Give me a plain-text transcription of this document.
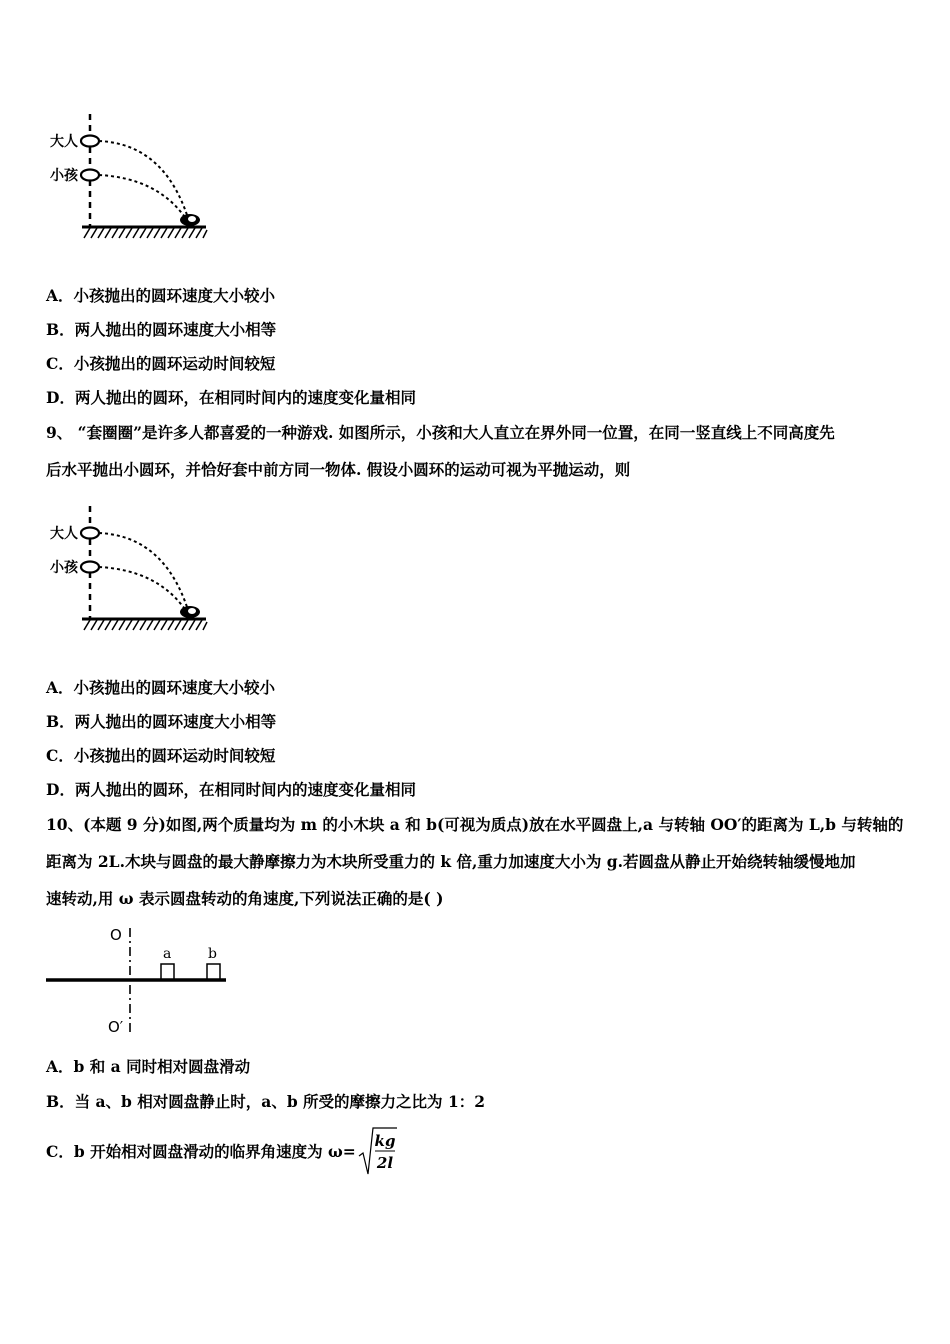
大人
小孩
A．小孩抛出的圆环速度大小较小
B．两人抛出的圆环速度大小相等
C．小孩抛出的圆环运动时间较短
D．两人抛出的圆环，在相同时间内的速度变化量相同
9、 “套圈圈”是许多人都喜爱的一种游戏. 如图所示，小孩和大人直立在界外同一位置，在同一竖直线上不同高度先
后水平抛出小圆环，并恰好套中前方同一物体. 假设小圆环的运动可视为平抛运动，则
大人
小孩
A．小孩抛出的圆环速度大小较小
B．两人抛出的圆环速度大小相等
C．小孩抛出的圆环运动时间较短
D．两人抛出的圆环，在相同时间内的速度变化量相同
10、(本题 9 分)如图,两个质量均为 m 的小木块 a 和 b(可视为质点)放在水平圆盘上,a 与转轴 OO′的距离为 L,b 与转轴的
距离为 2L.木块与圆盘的最大静摩擦力为木块所受重力的 k 倍,重力加速度大小为 g.若圆盘从静止开始绕转轴缓慢地加
速转动,用 ω 表示圆盘转动的角速度,下列说法正确的是( )
O
O′
a	b
A．b 和 a 同时相对圆盘滑动
B．当 a、b 相对圆盘静止时，a、b 所受的摩擦力之比为 1：2
C．b 开始相对圆盘滑动的临界角速度为 ω=
kg
2l
